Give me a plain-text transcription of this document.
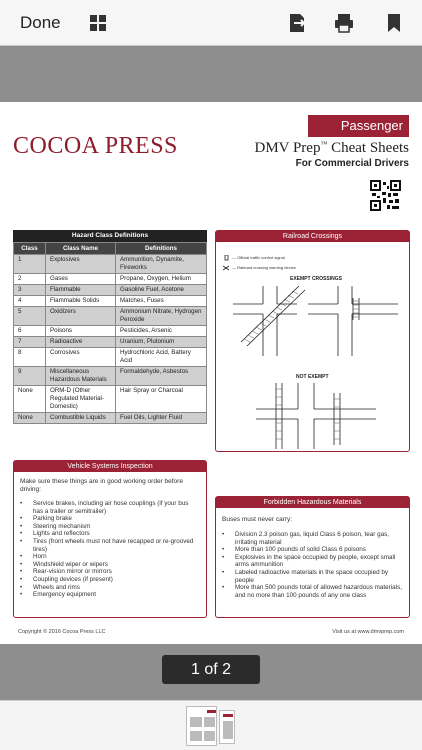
Done
Passenger
COCOA PRESS	DMV Prep™ Cheat Sheets
For Commercial Drivers
Hazard Class Definitions
Class	Class Name	Definitions
1	Explosives	Ammunition, Dynamite, Fireworks
2	Gases	Propane, Oxygen, Helium
3	Flammable	Gasoline Fuel, Acetone
4	Flammable Solids	Matches, Fuses
5	Oxidizers	Ammonium Nitrate, Hydrogen Peroxide
6	Poisons	Pesticides, Arsenic
7	Radioactive	Uranium, Plutonium
8	Corrosives	Hydrochloric Acid, Battery Acid
9	Miscellaneous Hazardous Materials	Formaldehyde, Asbestos
None	ORM-D (Other Regulated Material-Domestic)	Hair Spray or Charcoal
None	Combustible Liquids	Fuel Oils, Lighter Fluid
Railroad Crossings
— Official traffic control signal
— Railroad crossing warning device
EXEMPT CROSSINGS
NOT EXEMPT
Vehicle Systems Inspection
Make sure these things are in good working order before driving:
• Service brakes, including air hose couplings (if your bus has a trailer or semitrailer)
• Parking brake
• Steering mechanism
• Lights and reflectors
• Tires (front wheels must not have recapped or re-grooved tires)
• Horn
• Windshield wiper or wipers
• Rear-vision mirror or mirrors
• Coupling devices (if present)
• Wheels and rims
• Emergency equipment
Forbidden Hazardous Materials
Buses must never carry:
• Division 2.3 poison gas, liquid Class 6 poison, tear gas, irritating material
• More than 100 pounds of solid Class 6 poisons
• Explosives in the space occupied by people, except small arms ammunition
• Labeled radioactive materials in the space occupied by people
• More than 500 pounds total of allowed hazardous materials, and no more than 100 pounds of any one class
Copyright © 2016 Cocoa Press LLC	Visit us at www.dmvprep.com
1 of 2
